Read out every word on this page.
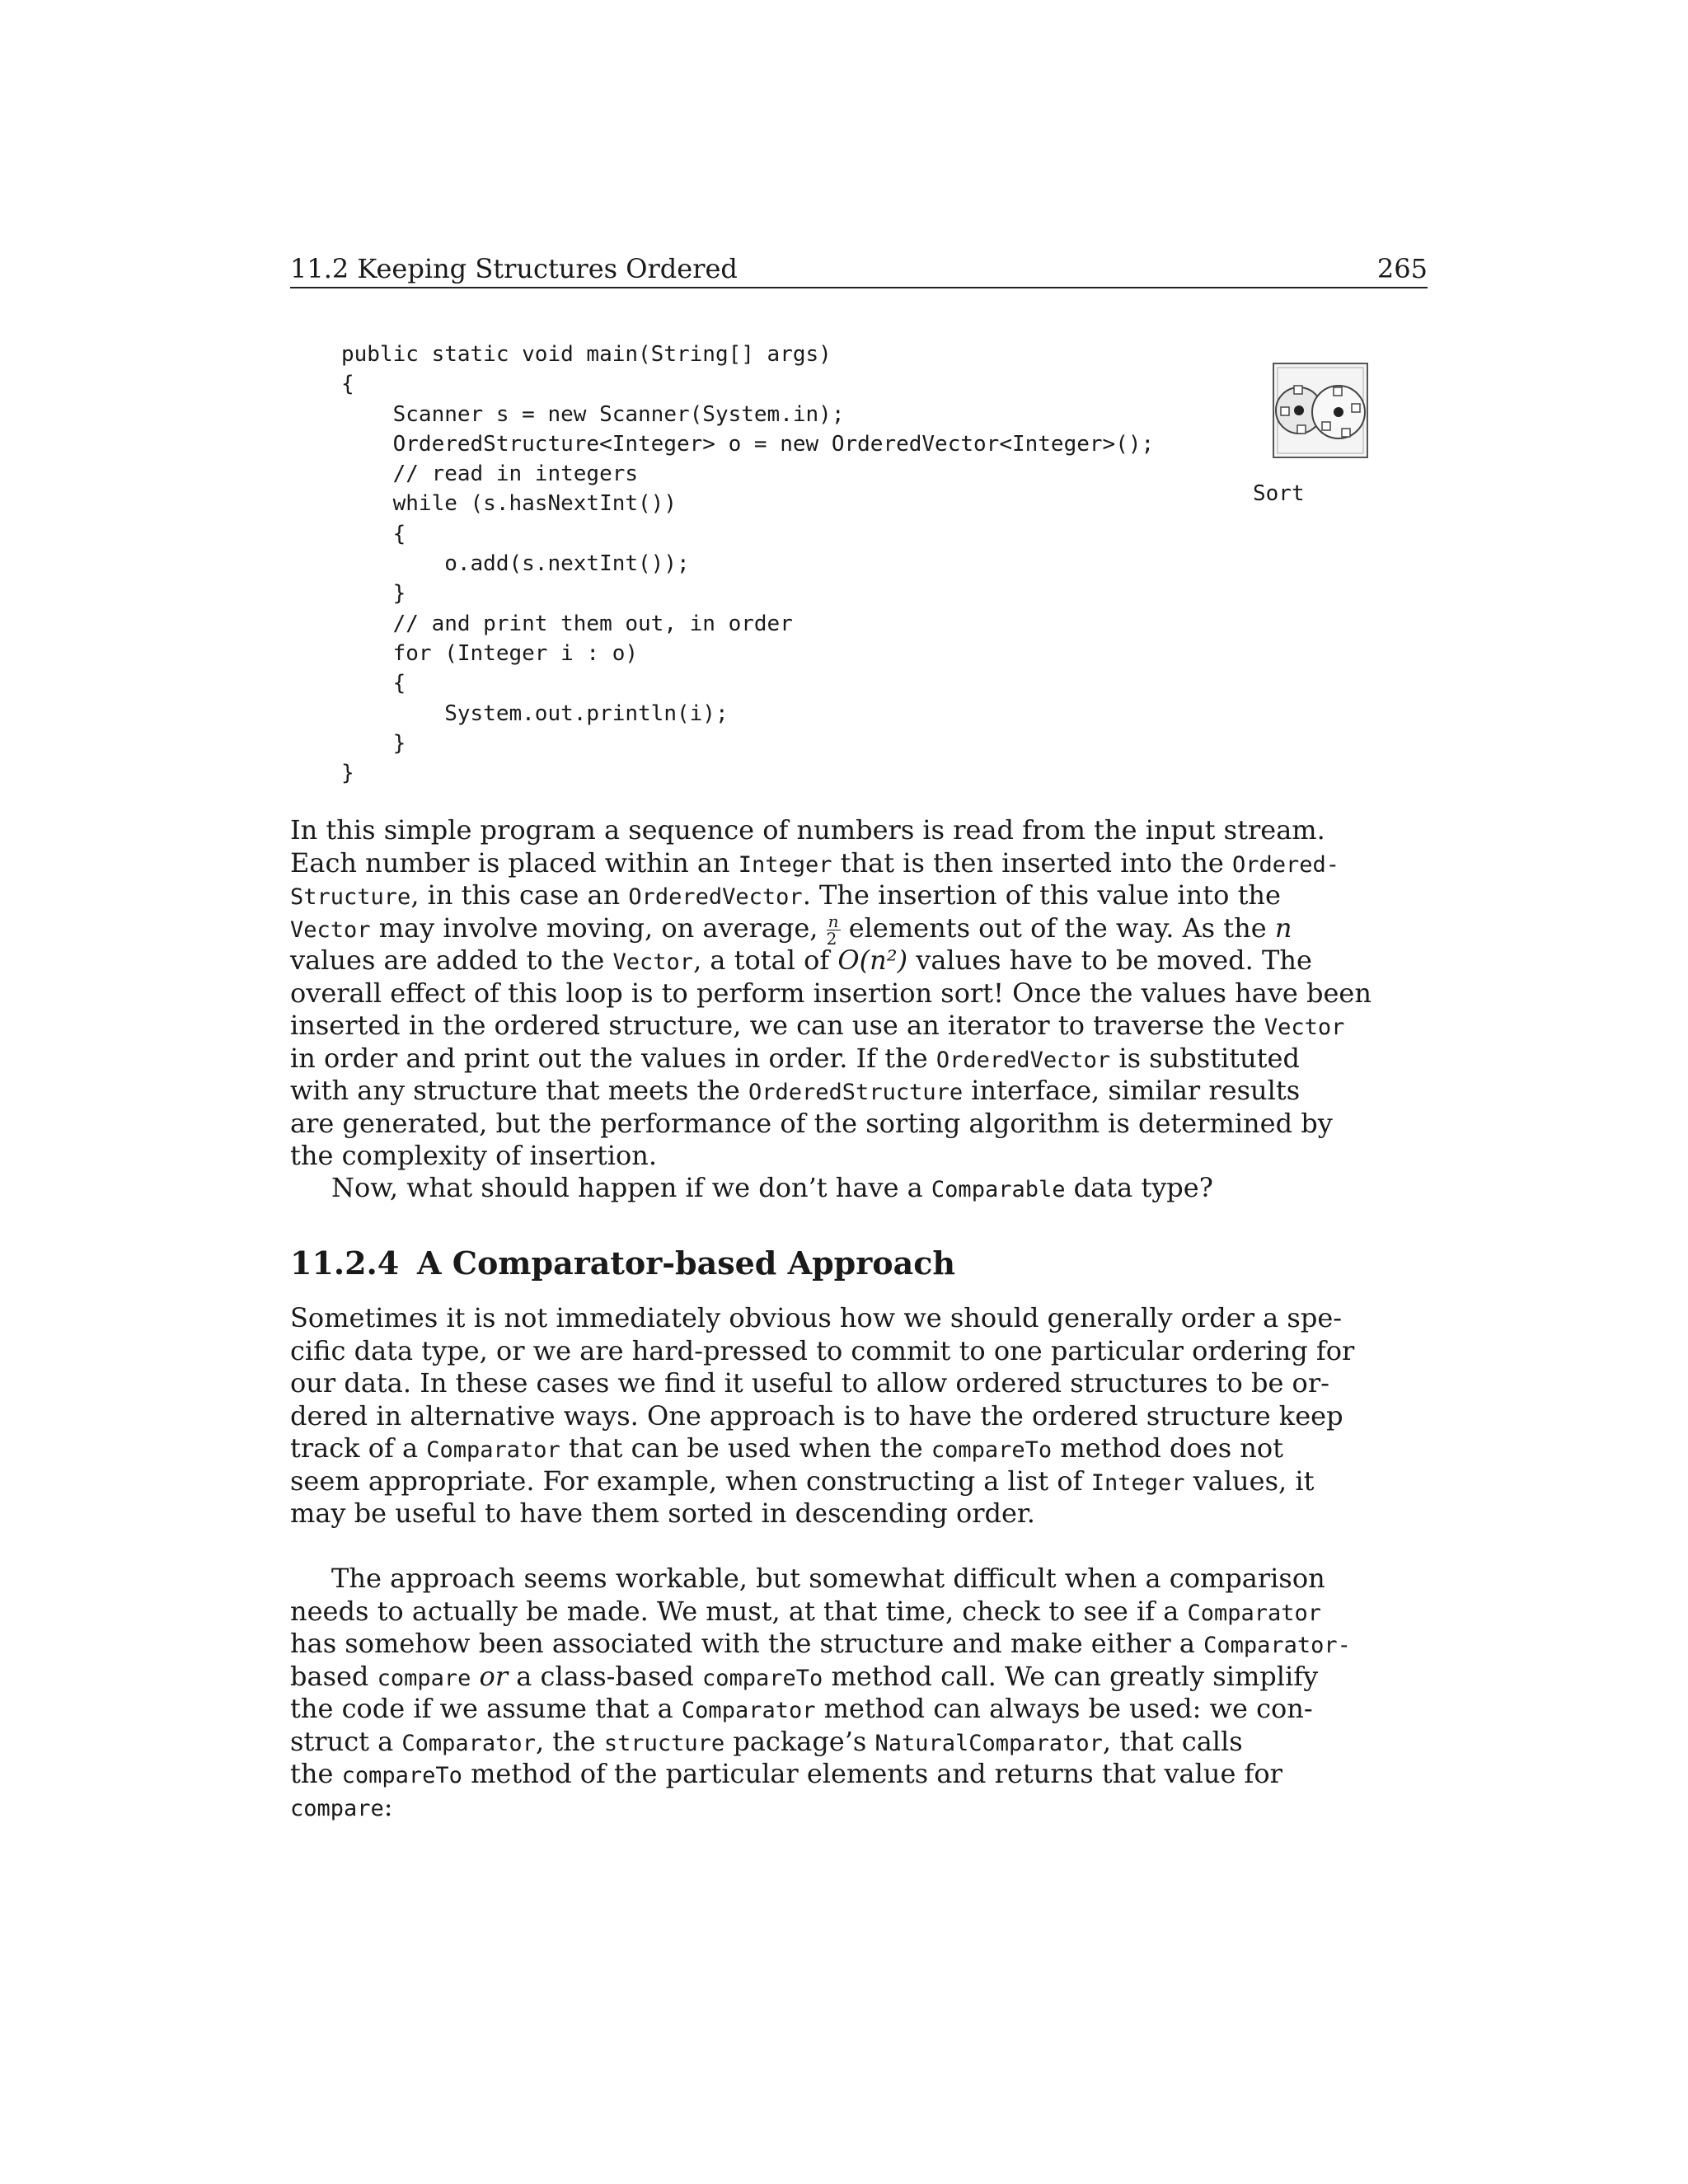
11.2 Keeping Structures Ordered	265
public static void main(String[] args)
{
Scanner s = new Scanner(System.in);
OrderedStructure<Integer> o = new OrderedVector<Integer>();
// read in integers
while (s.hasNextInt())
{
o.add(s.nextInt());
}
// and print them out, in order
for (Integer i : o)
{
System.out.println(i);
}
}
Sort
In this simple program a sequence of numbers is read from the input stream.
Each number is placed within an Integer that is then inserted into the Ordered-
Structure, in this case an OrderedVector. The insertion of this value into the
Vector may involve moving, on average, $\frac{n}{2}$ elements out of the way. As the n
values are added to the Vector, a total of O(n²) values have to be moved. The
overall effect of this loop is to perform insertion sort! Once the values have been
inserted in the ordered structure, we can use an iterator to traverse the Vector
in order and print out the values in order. If the OrderedVector is substituted
with any structure that meets the OrderedStructure interface, similar results
are generated, but the performance of the sorting algorithm is determined by
the complexity of insertion.
Now, what should happen if we don’t have a Comparable data type?
11.2.4 A Comparator-based Approach
Sometimes it is not immediately obvious how we should generally order a spe-
cific data type, or we are hard-pressed to commit to one particular ordering for
our data. In these cases we find it useful to allow ordered structures to be or-
dered in alternative ways. One approach is to have the ordered structure keep
track of a Comparator that can be used when the compareTo method does not
seem appropriate. For example, when constructing a list of Integer values, it
may be useful to have them sorted in descending order.
The approach seems workable, but somewhat difficult when a comparison
needs to actually be made. We must, at that time, check to see if a Comparator
has somehow been associated with the structure and make either a Comparator-
based compare or a class-based compareTo method call. We can greatly simplify
the code if we assume that a Comparator method can always be used: we con-
struct a Comparator, the structure package’s NaturalComparator, that calls
the compareTo method of the particular elements and returns that value for
compare:
